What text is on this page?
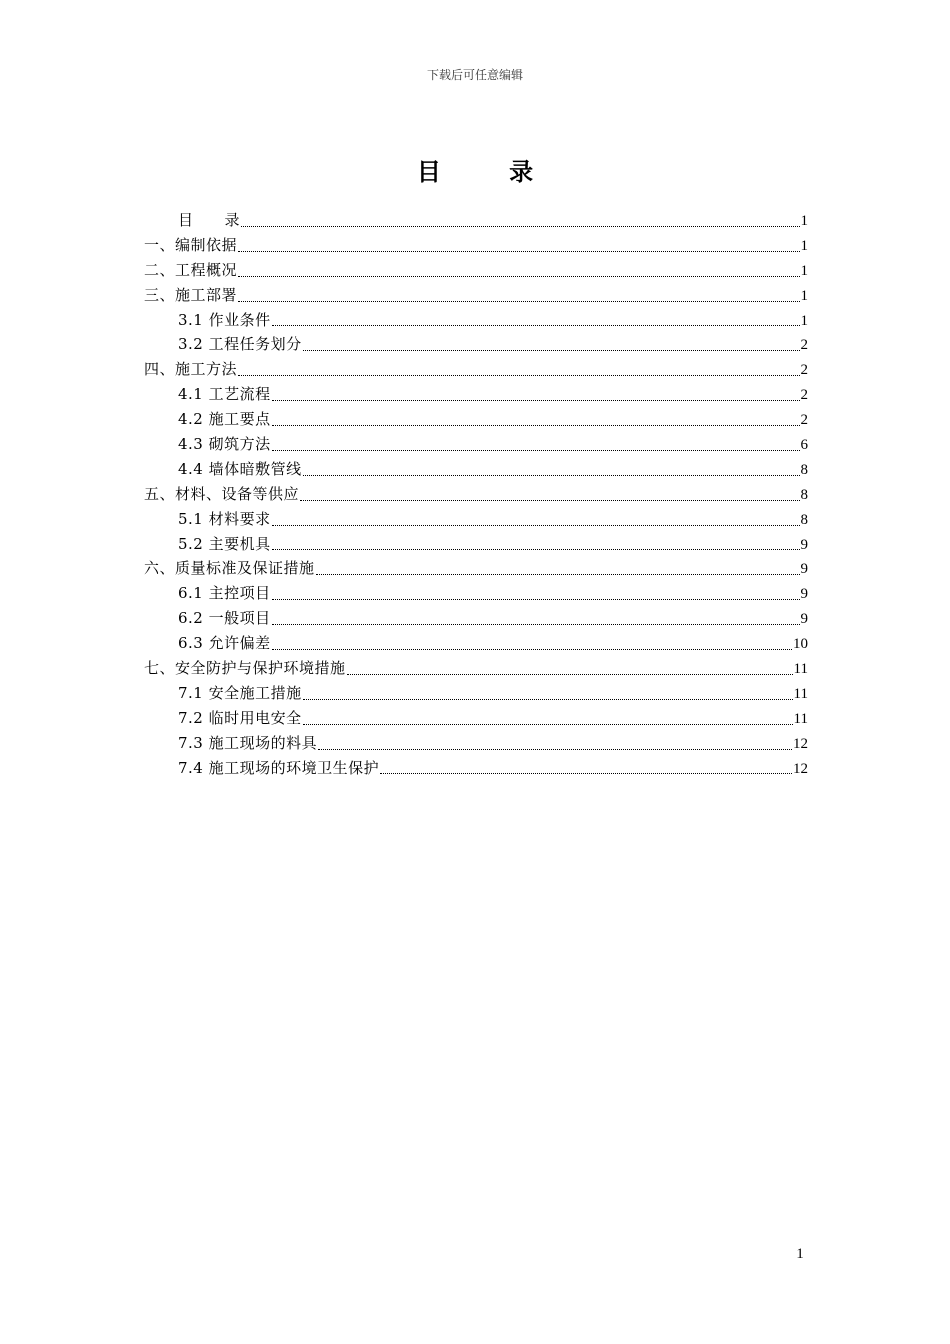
下载后可任意编辑
目 录
目　　录	1
一、编制依据	1
二、工程概况	1
三、施工部署	1
3.1 作业条件	1
3.2 工程任务划分	2
四、施工方法	2
4.1 工艺流程	2
4.2 施工要点	2
4.3 砌筑方法	6
4.4 墙体暗敷管线	8
五、材料、设备等供应	8
5.1 材料要求	8
5.2 主要机具	9
六、质量标准及保证措施	9
6.1 主控项目	9
6.2 一般项目	9
6.3 允许偏差	10
七、安全防护与保护环境措施	11
7.1 安全施工措施	11
7.2 临时用电安全	11
7.3 施工现场的料具	12
7.4 施工现场的环境卫生保护	12
1
